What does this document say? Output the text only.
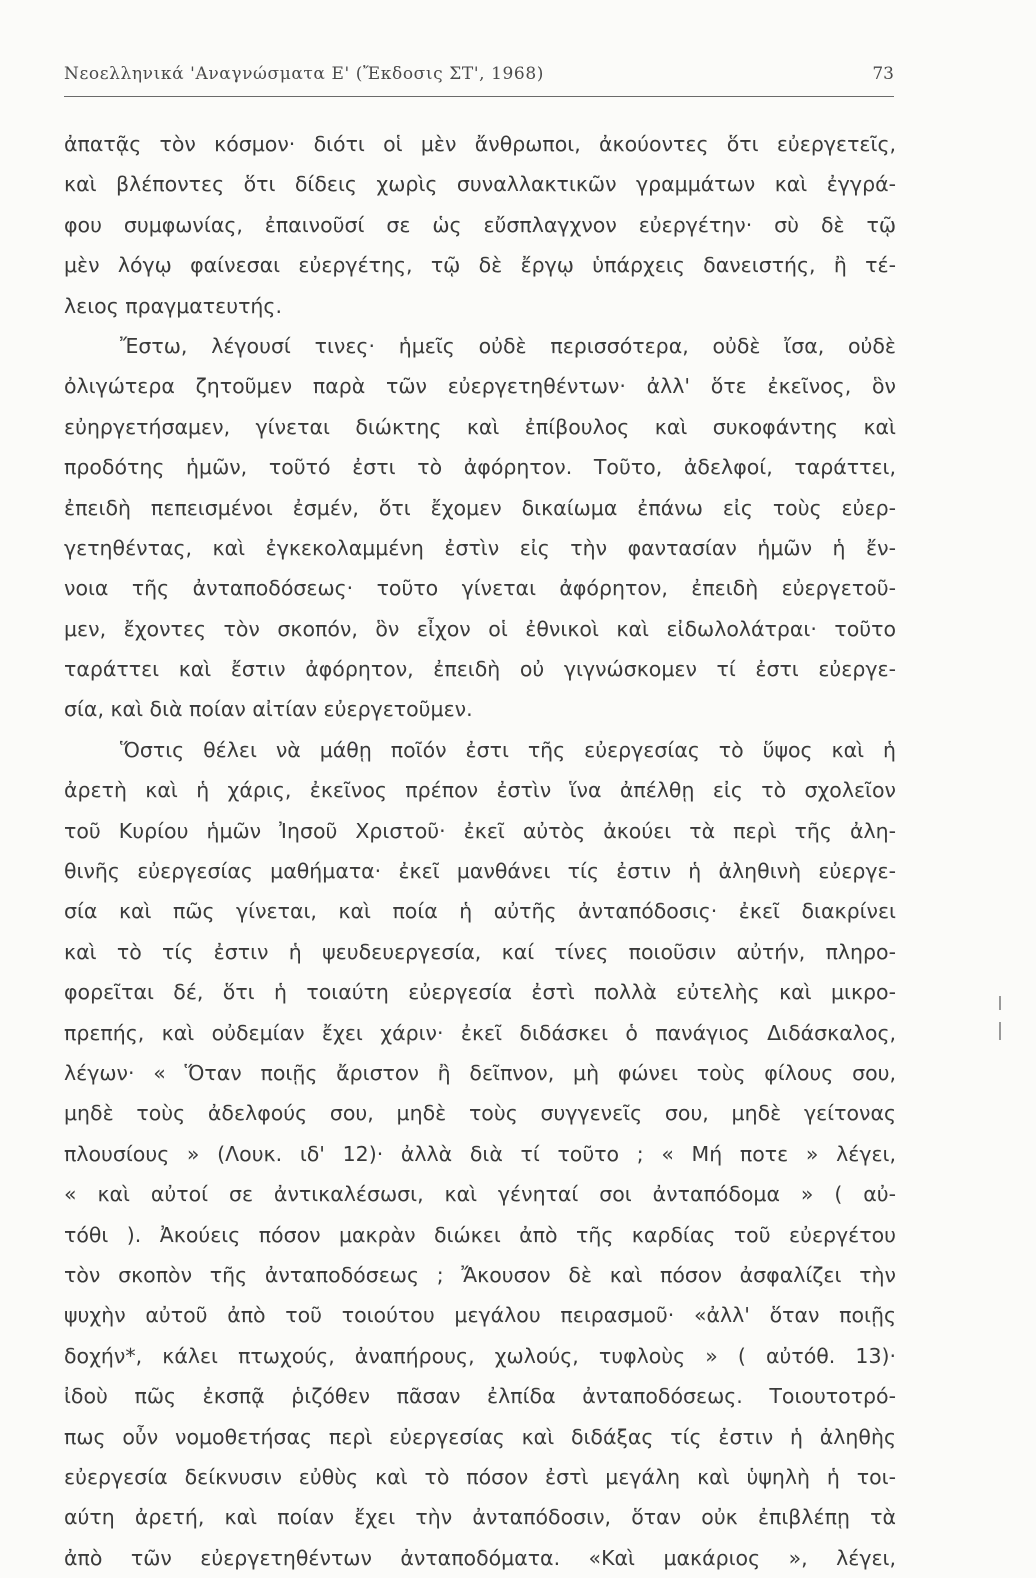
Νεοελληνικά 'Αναγνώσματα Ε' (Ἔκδοσις ΣΤ', 1968)	73
ἀπατᾷς τὸν κόσμον· διότι οἱ μὲν ἄνθρωποι, ἀκούοντες ὅτι εὐεργετεῖς,
καὶ βλέποντες ὅτι δίδεις χωρὶς συναλλακτικῶν γραμμάτων καὶ ἐγγρά-
φου συμφωνίας, ἐπαινοῦσί σε ὡς εὔσπλαγχνον εὐεργέτην· σὺ δὲ τῷ
μὲν λόγῳ φαίνεσαι εὐεργέτης, τῷ δὲ ἔργῳ ὑπάρχεις δανειστής, ἢ τέ-
λειος πραγματευτής.
Ἔστω, λέγουσί τινες· ἡμεῖς οὐδὲ περισσότερα, οὐδὲ ἴσα, οὐδὲ
ὀλιγώτερα ζητοῦμεν παρὰ τῶν εὐεργετηθέντων· ἀλλ' ὅτε ἐκεῖνος, ὃν
εὐηργετήσαμεν, γίνεται διώκτης καὶ ἐπίβουλος καὶ συκοφάντης καὶ
προδότης ἡμῶν, τοῦτό ἐστι τὸ ἀφόρητον. Τοῦτο, ἀδελφοί, ταράττει,
ἐπειδὴ πεπεισμένοι ἐσμέν, ὅτι ἔχομεν δικαίωμα ἐπάνω εἰς τοὺς εὐερ-
γετηθέντας, καὶ ἐγκεκολαμμένη ἐστὶν εἰς τὴν φαντασίαν ἡμῶν ἡ ἔν-
νοια τῆς ἀνταποδόσεως· τοῦτο γίνεται ἀφόρητον, ἐπειδὴ εὐεργετοῦ-
μεν, ἔχοντες τὸν σκοπόν, ὃν εἶχον οἱ ἐθνικοὶ καὶ εἰδωλολάτραι· τοῦτο
ταράττει καὶ ἔστιν ἀφόρητον, ἐπειδὴ οὐ γιγνώσκομεν τί ἐστι εὐεργε-
σία, καὶ διὰ ποίαν αἰτίαν εὐεργετοῦμεν.
Ὅστις θέλει νὰ μάθῃ ποῖόν ἐστι τῆς εὐεργεσίας τὸ ὕψος καὶ ἡ
ἀρετὴ καὶ ἡ χάρις, ἐκεῖνος πρέπον ἐστὶν ἵνα ἀπέλθῃ εἰς τὸ σχολεῖον
τοῦ Κυρίου ἡμῶν Ἰησοῦ Χριστοῦ· ἐκεῖ αὐτὸς ἀκούει τὰ περὶ τῆς ἀλη-
θινῆς εὐεργεσίας μαθήματα· ἐκεῖ μανθάνει τίς ἐστιν ἡ ἀληθινὴ εὐεργε-
σία καὶ πῶς γίνεται, καὶ ποία ἡ αὐτῆς ἀνταπόδοσις· ἐκεῖ διακρίνει
καὶ τὸ τίς ἐστιν ἡ ψευδευεργεσία, καί τίνες ποιοῦσιν αὐτήν, πληρο-
φορεῖται δέ, ὅτι ἡ τοιαύτη εὐεργεσία ἐστὶ πολλὰ εὐτελὴς καὶ μικρο-
πρεπής, καὶ οὐδεμίαν ἔχει χάριν· ἐκεῖ διδάσκει ὁ πανάγιος Διδάσκαλος,
λέγων· « Ὅταν ποιῇς ἄριστον ἢ δεῖπνον, μὴ φώνει τοὺς φίλους σου,
μηδὲ τοὺς ἀδελφούς σου, μηδὲ τοὺς συγγενεῖς σου, μηδὲ γείτονας
πλουσίους » (Λουκ. ιδ' 12)· ἀλλὰ διὰ τί τοῦτο ; « Μή ποτε » λέγει,
« καὶ αὐτοί σε ἀντικαλέσωσι, καὶ γένηταί σοι ἀνταπόδομα » ( αὐ-
τόθι ). Ἀκούεις πόσον μακρὰν διώκει ἀπὸ τῆς καρδίας τοῦ εὐεργέτου
τὸν σκοπὸν τῆς ἀνταποδόσεως ; Ἄκουσον δὲ καὶ πόσον ἀσφαλίζει τὴν
ψυχὴν αὐτοῦ ἀπὸ τοῦ τοιούτου μεγάλου πειρασμοῦ· «ἀλλ' ὅταν ποιῇς
δοχήν*, κάλει πτωχούς, ἀναπήρους, χωλούς, τυφλοὺς » ( αὐτόθ. 13)·
ἰδοὺ πῶς ἐκσπᾷ ῥιζόθεν πᾶσαν ἐλπίδα ἀνταποδόσεως. Τοιουτοτρό-
πως οὖν νομοθετήσας περὶ εὐεργεσίας καὶ διδάξας τίς ἐστιν ἡ ἀληθὴς
εὐεργεσία δείκνυσιν εὐθὺς καὶ τὸ πόσον ἐστὶ μεγάλη καὶ ὑψηλὴ ἡ τοι-
αύτη ἀρετή, καὶ ποίαν ἔχει τὴν ἀνταπόδοσιν, ὅταν οὐκ ἐπιβλέπῃ τὰ
ἀπὸ τῶν εὐεργετηθέντων ἀνταποδόματα. «Καὶ μακάριος », λέγει,
